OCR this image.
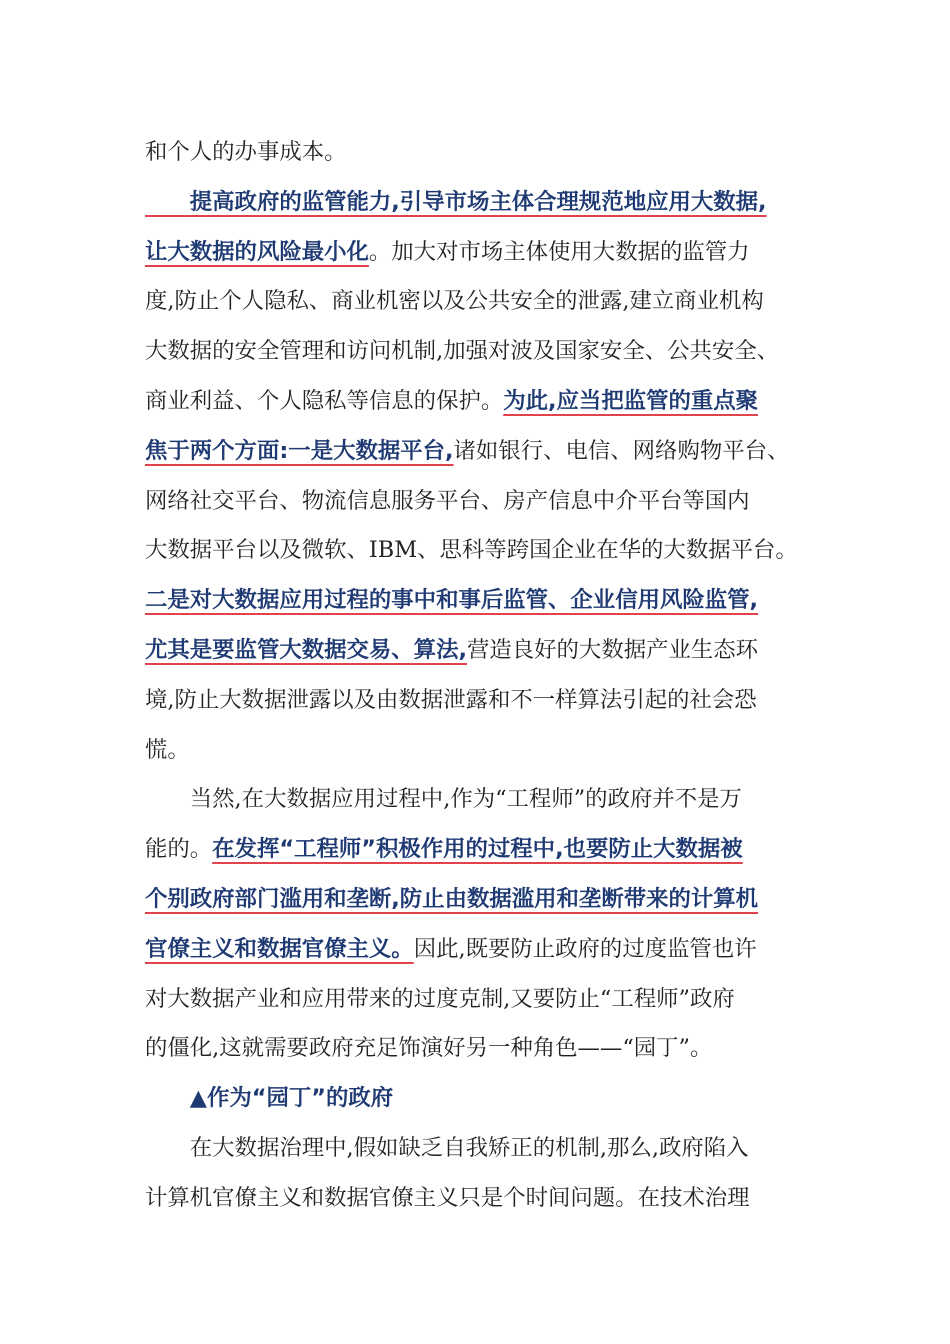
和个人的办事成本。
　　提高政府的监管能力,引导市场主体合理规范地应用大数据,
让大数据的风险最小化。加大对市场主体使用大数据的监管力
度,防止个人隐私、商业机密以及公共安全的泄露,建立商业机构
大数据的安全管理和访问机制,加强对波及国家安全、公共安全、
商业利益、个人隐私等信息的保护。为此,应当把监管的重点聚
焦于两个方面:一是大数据平台,诸如银行、电信、网络购物平台、
网络社交平台、物流信息服务平台、房产信息中介平台等国内
大数据平台以及微软、IBM、思科等跨国企业在华的大数据平台。
二是对大数据应用过程的事中和事后监管、企业信用风险监管,
尤其是要监管大数据交易、算法,营造良好的大数据产业生态环
境,防止大数据泄露以及由数据泄露和不一样算法引起的社会恐
慌。
　　当然,在大数据应用过程中,作为“工程师”的政府并不是万
能的。在发挥“工程师”积极作用的过程中,也要防止大数据被
个别政府部门滥用和垄断,防止由数据滥用和垄断带来的计算机
官僚主义和数据官僚主义。因此,既要防止政府的过度监管也许
对大数据产业和应用带来的过度克制,又要防止“工程师”政府
的僵化,这就需要政府充足饰演好另一种角色——“园丁”。
　　▲作为“园丁”的政府
　　在大数据治理中,假如缺乏自我矫正的机制,那么,政府陷入
计算机官僚主义和数据官僚主义只是个时间问题。在技术治理
